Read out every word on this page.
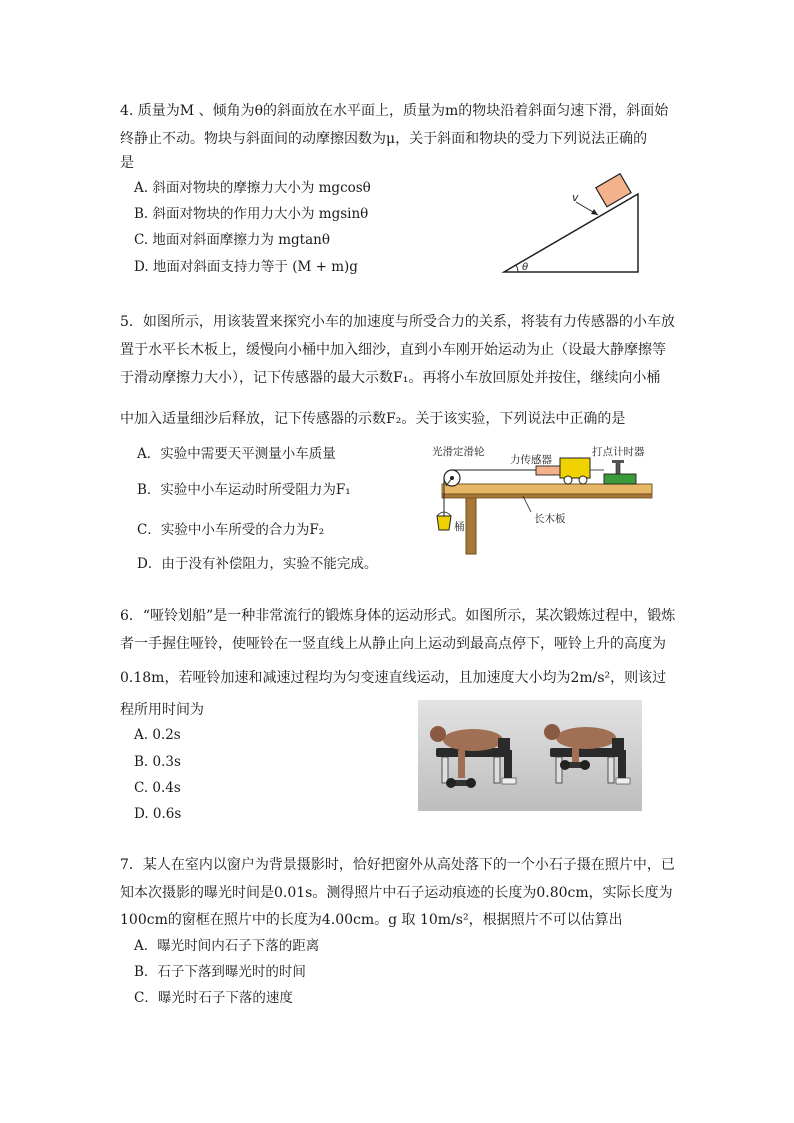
4. 质量为M 、倾角为θ的斜面放在水平面上，质量为m的物块沿着斜面匀速下滑，斜面始
终静止不动。物块与斜面间的动摩擦因数为μ，关于斜面和物块的受力下列说法正确的
是
A. 斜面对物块的摩擦力大小为 mgcosθ
B. 斜面对物块的作用力大小为 mgsinθ
C. 地面对斜面摩擦力为 mgtanθ
D. 地面对斜面支持力等于 (M + m)g
v
θ
5．如图所示，用该装置来探究小车的加速度与所受合力的关系，将装有力传感器的小车放
置于水平长木板上，缓慢向小桶中加入细沙，直到小车刚开始运动为止（设最大静摩擦等
于滑动摩擦力大小），记下传感器的最大示数F₁。再将小车放回原处并按住，继续向小桶
中加入适量细沙后释放，记下传感器的示数F₂。关于该实验，下列说法中正确的是
A．实验中需要天平测量小车质量
B．实验中小车运动时所受阻力为F₁
C．实验中小车所受的合力为F₂
D．由于没有补偿阻力，实验不能完成。
桶
光滑定滑轮
力传感器
打点计时器
长木板
6．“哑铃划船”是一种非常流行的锻炼身体的运动形式。如图所示，某次锻炼过程中，锻炼
者一手握住哑铃，使哑铃在一竖直线上从静止向上运动到最高点停下，哑铃上升的高度为
0.18m，若哑铃加速和减速过程均为匀变速直线运动，且加速度大小均为2m/s²，则该过
程所用时间为
A. 0.2s
B. 0.3s
C. 0.4s
D. 0.6s
7．某人在室内以窗户为背景摄影时，恰好把窗外从高处落下的一个小石子摄在照片中，已
知本次摄影的曝光时间是0.01s。测得照片中石子运动痕迹的长度为0.80cm，实际长度为
100cm的窗框在照片中的长度为4.00cm。g 取 10m/s²，根据照片不可以估算出
A．曝光时间内石子下落的距离
B．石子下落到曝光时的时间
C．曝光时石子下落的速度
